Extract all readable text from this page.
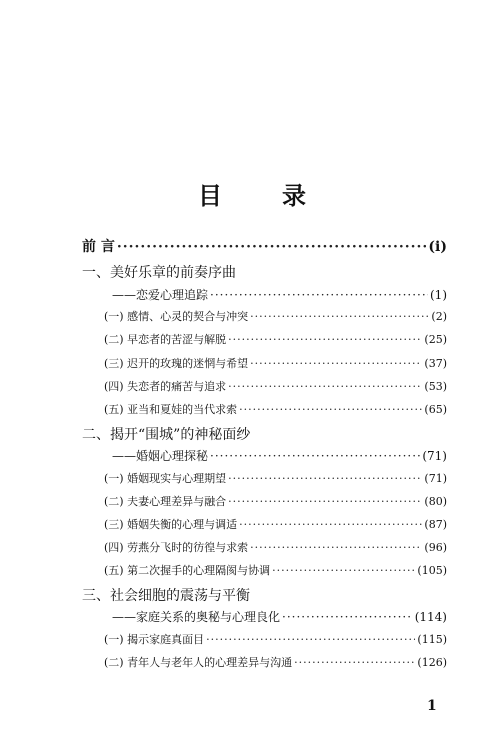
目	录
前 言 ·····	(i)
一、美好乐章的前奏序曲
——恋爱心理追踪 ·····	(1)
(一) 感情、心灵的契合与冲突 ·····	(2)
(二) 早恋者的苦涩与解脱 ·····	(25)
(三) 迟开的玫瑰的迷惘与希望 ·····	(37)
(四) 失恋者的痛苦与追求 ·····	(53)
(五) 亚当和夏娃的当代求索 ·····	(65)
二、揭开“围城”的神秘面纱
——婚姻心理探秘 ·····	(71)
(一) 婚姻现实与心理期望 ·····	(71)
(二) 夫妻心理差异与融合 ·····	(80)
(三) 婚姻失衡的心理与调适 ·····	(87)
(四) 劳燕分飞时的彷徨与求索 ·····	(96)
(五) 第二次握手的心理隔阂与协调 ·····	(105)
三、社会细胞的震荡与平衡
——家庭关系的奥秘与心理良化 ·····	(114)
(一) 揭示家庭真面目 ·····	(115)
(二) 青年人与老年人的心理差异与沟通 ·····	(126)
1
